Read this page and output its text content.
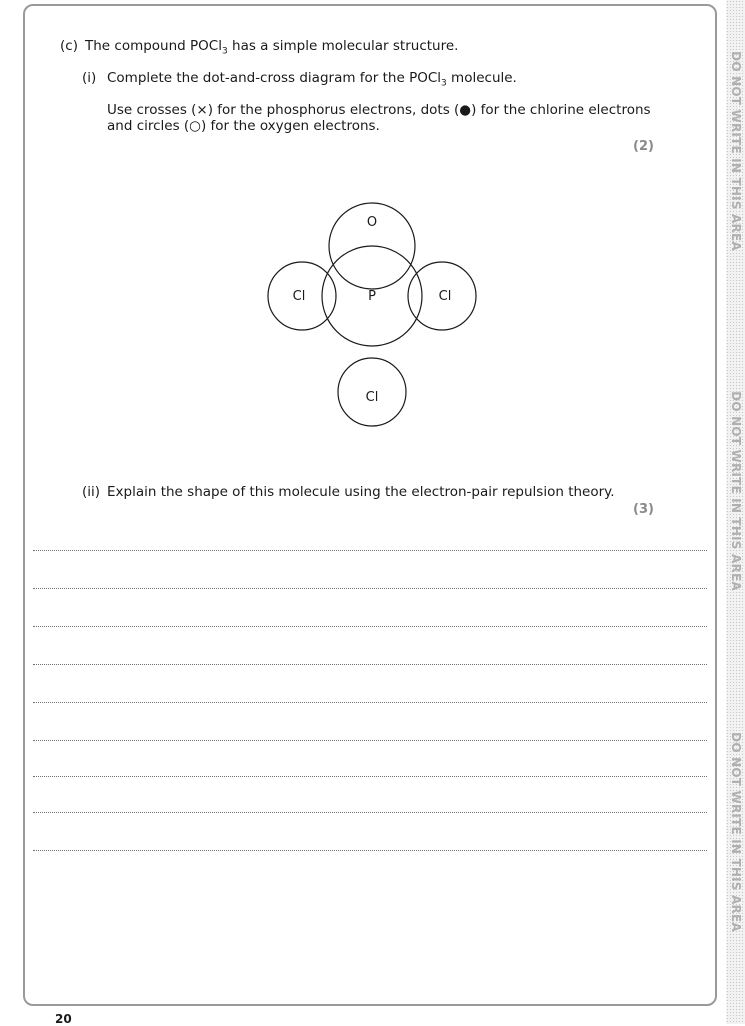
DO NOT WRITE IN THIS AREA
DO NOT WRITE IN THIS AREA
DO NOT WRITE IN THIS AREA
(c) The compound POCl$_3$ has a simple molecular structure.
(i) Complete the dot-and-cross diagram for the POCl$_3$ molecule.
Use crosses (×) for the phosphorus electrons, dots (●) for the chlorine electrons
and circles (○) for the oxygen electrons.
(2)
O
P
Cl	Cl
Cl
(ii) Explain the shape of this molecule using the electron-pair repulsion theory.
(3)
20
